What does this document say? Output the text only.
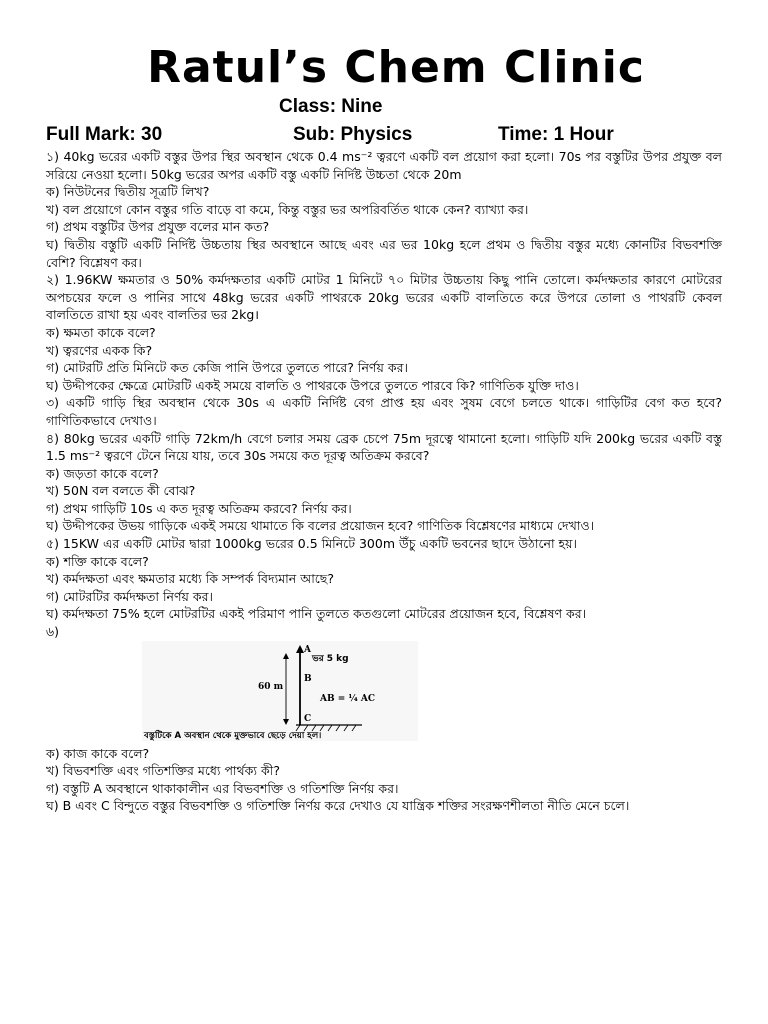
Ratul’s Chem Clinic
Class: Nine
Full Mark: 30	Sub: Physics	Time: 1 Hour

১) 40kg ভরের একটি বস্তুর উপর স্থির অবস্থান থেকে 0.4 ms⁻² ত্বরণে একটি বল প্রয়োগ করা হলো। 70s পর বস্তুটির উপর প্রযুক্ত বল সরিয়ে নেওয়া হলো। 50kg ভরের অপর একটি বস্তু একটি নির্দিষ্ট উচ্চতা থেকে 20m

ক) নিউটনের দ্বিতীয় সূত্রটি লিখ?

খ) বল প্রয়োগে কোন বস্তুর গতি বাড়ে বা কমে, কিন্তু বস্তুর ভর অপরিবর্তিত থাকে কেন? ব্যাখ্যা কর।

গ) প্রথম বস্তুটির উপর প্রযুক্ত বলের মান কত?

ঘ) দ্বিতীয় বস্তুটি একটি নির্দিষ্ট উচ্চতায় স্থির অবস্থানে আছে এবং এর ভর 10kg হলে প্রথম ও দ্বিতীয় বস্তুর মধ্যে কোনটির বিভবশক্তি বেশি? বিশ্লেষণ কর।

২) 1.96KW ক্ষমতার ও 50% কর্মদক্ষতার একটি মোটর 1 মিনিটে ৭০ মিটার উচ্চতায় কিছু পানি তোলে। কর্মদক্ষতার কারণে মোটরের অপচয়ের ফলে ও পানির সাথে 48kg ভরের একটি পাথরকে 20kg ভরের একটি বালতিতে করে উপরে তোলা ও পাথরটি কেবল বালতিতে রাখা হয় এবং বালতির ভর 2kg।

ক) ক্ষমতা কাকে বলে?

খ) ত্বরণের একক কি?

গ) মোটরটি প্রতি মিনিটে কত কেজি পানি উপরে তুলতে পারে? নির্ণয় কর।

ঘ) উদ্দীপকের ক্ষেত্রে মোটরটি একই সময়ে বালতি ও পাথরকে উপরে তুলতে পারবে কি? গাণিতিক যুক্তি দাও।

৩) একটি গাড়ি স্থির অবস্থান থেকে 30s এ একটি নির্দিষ্ট বেগ প্রাপ্ত হয় এবং সুষম বেগে চলতে থাকে। গাড়িটির বেগ কত হবে? গাণিতিকভাবে দেখাও।

৪) 80kg ভরের একটি গাড়ি 72km/h বেগে চলার সময় ব্রেক চেপে 75m দূরত্বে থামানো হলো। গাড়িটি যদি 200kg ভরের একটি বস্তু 1.5 ms⁻² ত্বরণে টেনে নিয়ে যায়, তবে 30s সময়ে কত দূরত্ব অতিক্রম করবে?

ক) জড়তা কাকে বলে?

খ) 50N বল বলতে কী বোঝ?

গ) প্রথম গাড়িটি 10s এ কত দূরত্ব অতিক্রম করবে? নির্ণয় কর।

ঘ) উদ্দীপকের উভয় গাড়িকে একই সময়ে থামাতে কি বলের প্রয়োজন হবে? গাণিতিক বিশ্লেষণের মাধ্যমে দেখাও।

৫) 15KW এর একটি মোটর দ্বারা 1000kg ভরের 0.5 মিনিটে 300m উঁচু একটি ভবনের ছাদে উঠানো হয়।

ক) শক্তি কাকে বলে?

খ) কর্মদক্ষতা এবং ক্ষমতার মধ্যে কি সম্পর্ক বিদ্যমান আছে?

গ) মোটরটির কর্মদক্ষতা নির্ণয় কর।

ঘ) কর্মদক্ষতা 75% হলে মোটরটির একই পরিমাণ পানি তুলতে কতগুলো মোটরের প্রয়োজন হবে, বিশ্লেষণ কর।

৬)

A
B
C
60 m
ভর 5 kg
AB = ¼ AC
বস্তুটিকে A অবস্থান থেকে মুক্তভাবে ছেড়ে দেয়া হল।

ক) কাজ কাকে বলে?

খ) বিভবশক্তি এবং গতিশক্তির মধ্যে পার্থক্য কী?

গ) বস্তুটি A অবস্থানে থাকাকালীন এর বিভবশক্তি ও গতিশক্তি নির্ণয় কর।

ঘ) B এবং C বিন্দুতে বস্তুর বিভবশক্তি ও গতিশক্তি নির্ণয় করে দেখাও যে যান্ত্রিক শক্তির সংরক্ষণশীলতা নীতি মেনে চলে।
